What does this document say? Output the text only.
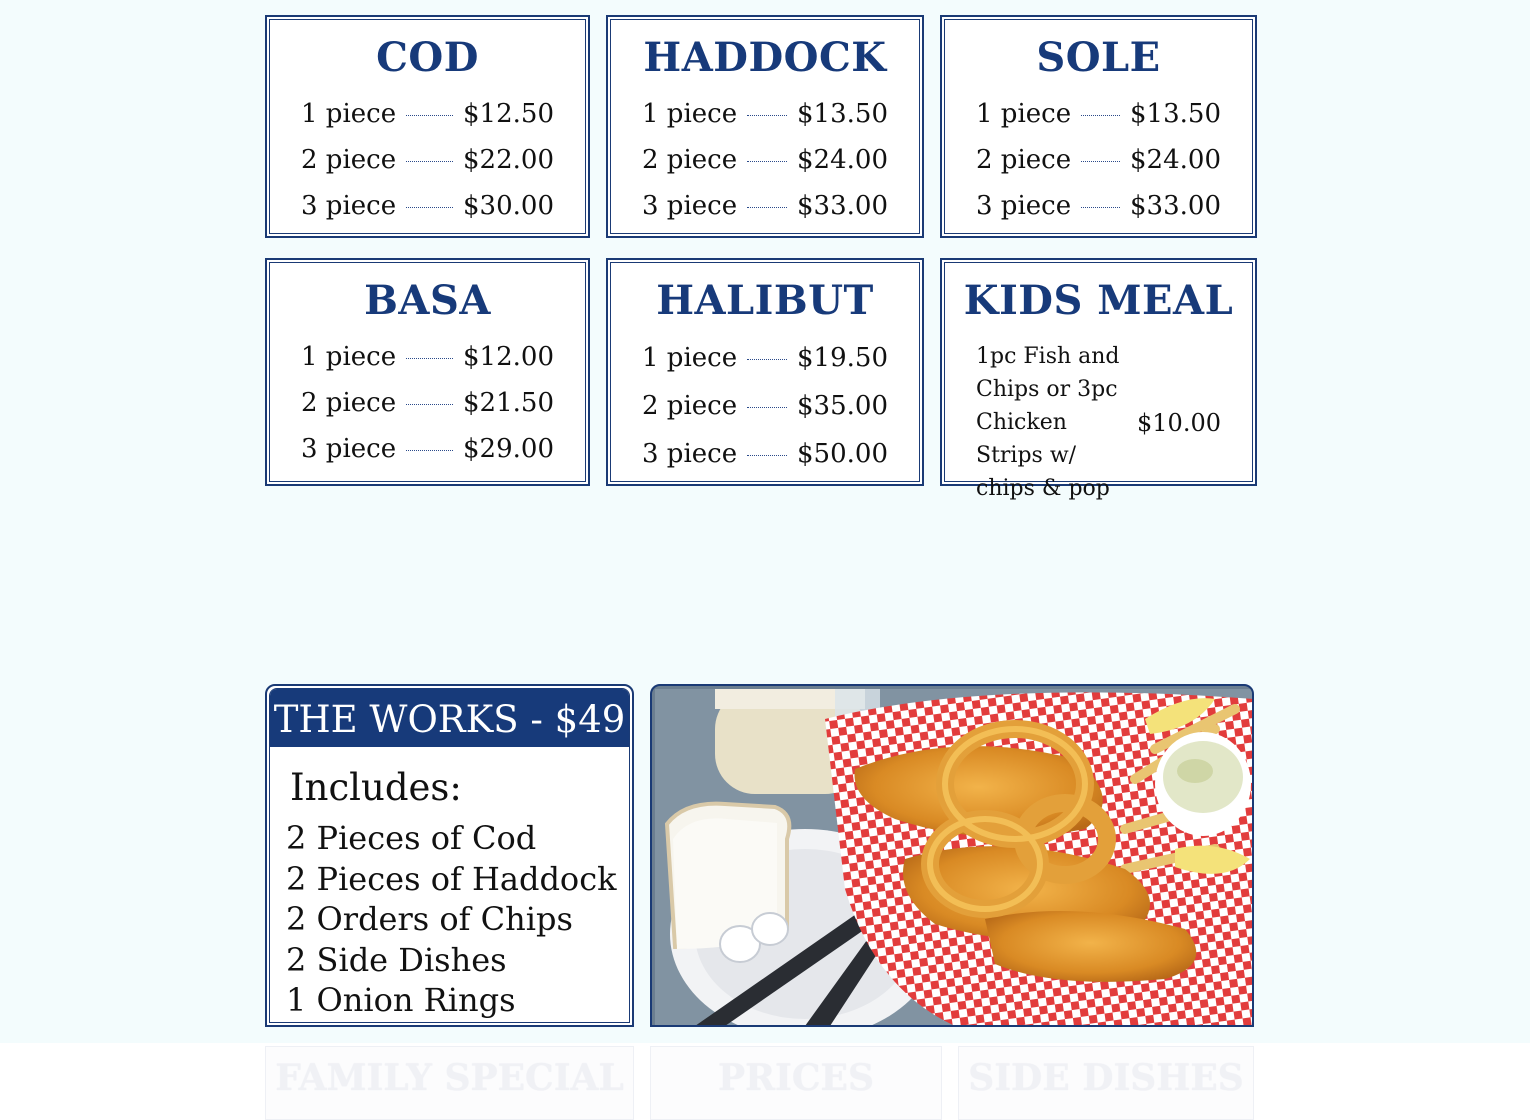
COD
1 piece	$12.50
2 piece	$22.00
3 piece	$30.00
HADDOCK
1 piece $13.50
2 piece $24.00
3 piece $33.00
SOLE
1 piece $13.50
2 piece $24.00
3 piece $33.00
BASA
1 piece	$12.00
2 piece	$21.50
3 piece	$29.00
HALIBUT
1 piece $19.50
2 piece $35.00
3 piece $50.00
KIDS MEAL
1pc Fish and Chips or 3pc Chicken Strips w/ chips & pop
$10.00
THE WORKS - $49
Includes:
2 Pieces of Cod
2 Pieces of Haddock
2 Orders of Chips
2 Side Dishes
1 Onion Rings
FAMILY SPECIAL	PRICES	SIDE DISHES
